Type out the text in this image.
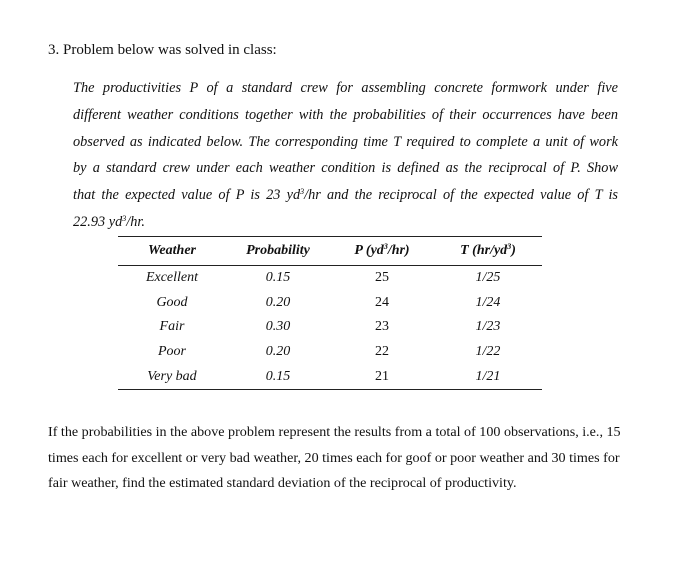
3. Problem below was solved in class:
The productivities P of a standard crew for assembling concrete formwork under five
different weather conditions together with the probabilities of their occurrences have been
observed as indicated below. The corresponding time T required to complete a unit of work
by a standard crew under each weather condition is defined as the reciprocal of P. Show
that the expected value of P is 23 $yd^3/hr$ and the reciprocal of the expected value of T is
22.93 $yd^3/hr$.
Weather	Probability	P $(yd^3/hr)$	T $(hr/yd^3)$
Excellent	0.15	25	1/25
Good	0.20	24	1/24
Fair	0.30	23	1/23
Poor	0.20	22	1/22
Very bad	0.15	21	1/21
If the probabilities in the above problem represent the results from a total of 100 observations, i.e., 15
times each for excellent or very bad weather, 20 times each for goof or poor weather and 30 times for
fair weather, find the estimated standard deviation of the reciprocal of productivity.
